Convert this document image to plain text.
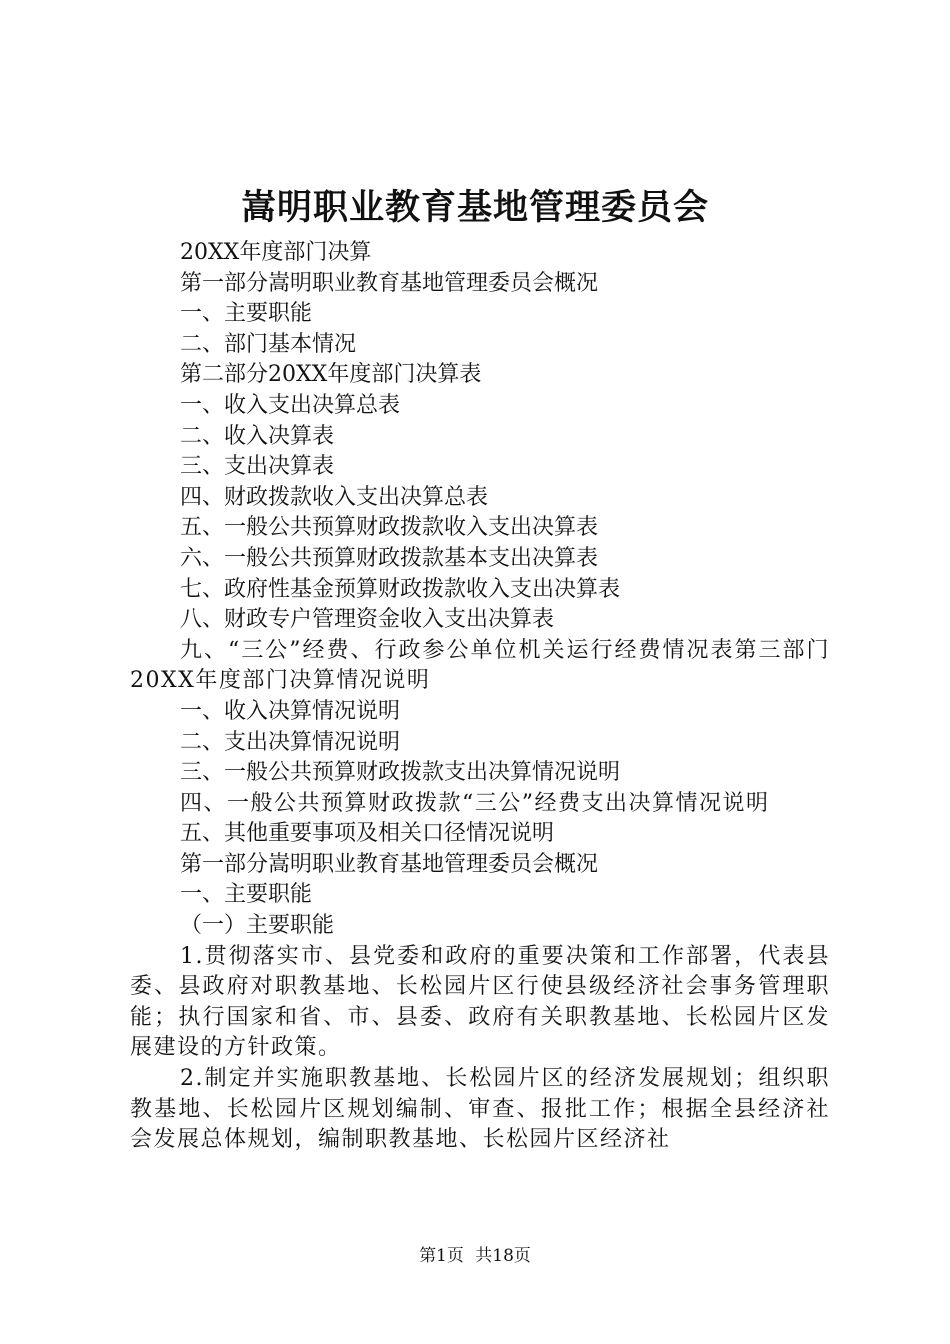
嵩明职业教育基地管理委员会

20XX年度部门决算

第一部分嵩明职业教育基地管理委员会概况

一、主要职能

二、部门基本情况

第二部分20XX年度部门决算表

一、收入支出决算总表

二、收入决算表

三、支出决算表

四、财政拨款收入支出决算总表

五、一般公共预算财政拨款收入支出决算表

六、一般公共预算财政拨款基本支出决算表

七、政府性基金预算财政拨款收入支出决算表

八、财政专户管理资金收入支出决算表

九、“三公”经费、行政参公单位机关运行经费情况表第三部门20XX年度部门决算情况说明

一、收入决算情况说明

二、支出决算情况说明

三、一般公共预算财政拨款支出决算情况说明

四、一般公共预算财政拨款“三公”经费支出决算情况说明

五、其他重要事项及相关口径情况说明

第一部分嵩明职业教育基地管理委员会概况

一、主要职能

（一）主要职能

1.贯彻落实市、县党委和政府的重要决策和工作部署，代表县委、县政府对职教基地、长松园片区行使县级经济社会事务管理职能；执行国家和省、市、县委、政府有关职教基地、长松园片区发展建设的方针政策。

2.制定并实施职教基地、长松园片区的经济发展规划；组织职教基地、长松园片区规划编制、审查、报批工作；根据全县经济社会发展总体规划，编制职教基地、长松园片区经济社

第1页 共18页
